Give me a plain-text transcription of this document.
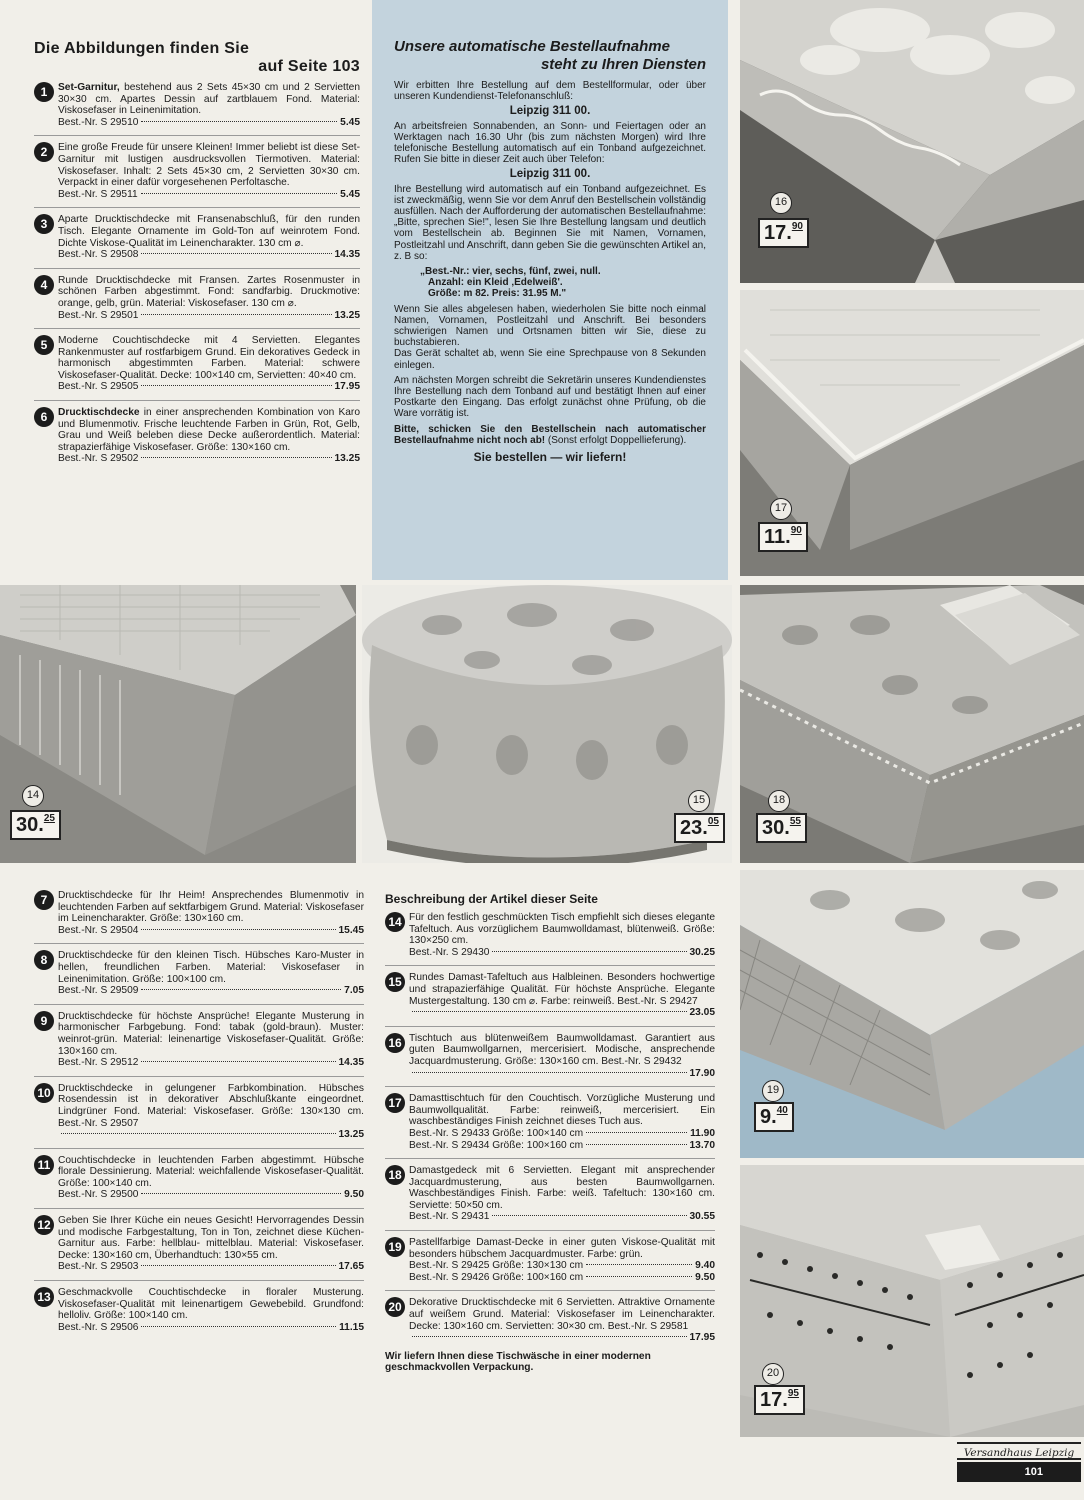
Die Abbildungen finden Sie
auf Seite 103
1	Set-Garnitur, bestehend aus 2 Sets 45×30 cm und 2 Servietten 30×30 cm. Apartes Dessin auf zartblauem Fond. Material: Viskosefaser in Leinenimitation.
Best.-Nr. S 29510	5.45
2	Eine große Freude für unsere Kleinen! Immer beliebt ist diese Set-Garnitur mit lustigen ausdrucksvollen Tiermotiven. Material: Viskosefaser. Inhalt: 2 Sets 45×30 cm, 2 Servietten 30×30 cm. Verpackt in einer dafür vorgesehenen Perfoltasche.
Best.-Nr. S 29511	5.45
3	Aparte Drucktischdecke mit Fransenabschluß, für den runden Tisch. Elegante Ornamente im Gold-Ton auf weinrotem Fond. Dichte Viskose-Qualität im Leinencharakter. 130 cm ⌀.
Best.-Nr. S 29508	14.35
4	Runde Drucktischdecke mit Fransen. Zartes Rosenmuster in schönen Farben abgestimmt. Fond: sandfarbig. Druckmotive: orange, gelb, grün. Material: Viskosefaser. 130 cm ⌀.
Best.-Nr. S 29501	13.25
5	Moderne Couchtischdecke mit 4 Servietten. Elegantes Rankenmuster auf rostfarbigem Grund. Ein dekoratives Gedeck in harmonisch abgestimmten Farben. Material: schwere Viskosefaser-Qualität. Decke: 100×140 cm, Servietten: 40×40 cm.
Best.-Nr. S 29505	17.95
6	Drucktischdecke in einer ansprechenden Kombination von Karo und Blumenmotiv. Frische leuchtende Farben in Grün, Rot, Gelb, Grau und Weiß beleben diese Decke außerordentlich. Material: strapazierfähige Viskosefaser. Größe: 130×160 cm.
Best.-Nr. S 29502	13.25
Unsere automatische Bestellaufnahme
steht zu Ihren Diensten

Wir erbitten Ihre Bestellung auf dem Bestellformular, oder über unseren Kundendienst-Telefonanschluß:

Leipzig 311 00.

An arbeitsfreien Sonnabenden, an Sonn- und Feiertagen oder an Werktagen nach 16.30 Uhr (bis zum nächsten Morgen) wird Ihre telefonische Bestellung automatisch auf ein Tonband aufgezeichnet. Rufen Sie bitte in dieser Zeit auch über Telefon:

Leipzig 311 00.

Ihre Bestellung wird automatisch auf ein Tonband aufgezeichnet. Es ist zweckmäßig, wenn Sie vor dem Anruf den Bestellschein vollständig ausfüllen. Nach der Aufforderung der automatischen Bestellaufnahme: „Bitte, sprechen Sie!", lesen Sie Ihre Bestellung langsam und deutlich vom Bestellschein ab. Beginnen Sie mit Namen, Vornamen, Postleitzahl und Anschrift, dann geben Sie die gewünschten Artikel an, z. B so:

„Best.-Nr.: vier, sechs, fünf, zwei, null.
Anzahl: ein Kleid ‚Edelweiß'.
Größe: m 82. Preis: 31.95 M."

Wenn Sie alles abgelesen haben, wiederholen Sie bitte noch einmal Namen, Vornamen, Postleitzahl und Anschrift. Bei besonders schwierigen Namen und Ortsnamen bitten wir Sie, diese zu buchstabieren.

Das Gerät schaltet ab, wenn Sie eine Sprechpause von 8 Sekunden einlegen.

Am nächsten Morgen schreibt die Sekretärin unseres Kundendienstes Ihre Bestellung nach dem Tonband auf und bestätigt Ihnen auf einer Postkarte den Eingang. Das erfolgt zunächst ohne Prüfung, ob die Ware vorrätig ist.

Bitte, schicken Sie den Bestellschein nach automatischer Bestellaufnahme nicht noch ab! (Sonst erfolgt Doppellieferung).

Sie bestellen — wir liefern!
16
17.90
17
11.90
14
30.25
15
23.05
18
30.55
19
9.40
20
17.95
7	Drucktischdecke für Ihr Heim! Ansprechendes Blumenmotiv in leuchtenden Farben auf sektfarbigem Grund. Material: Viskosefaser im Leinencharakter. Größe: 130×160 cm.
Best.-Nr. S 29504	15.45
8	Drucktischdecke für den kleinen Tisch. Hübsches Karo-Muster in hellen, freundlichen Farben. Material: Viskosefaser in Leinenimitation. Größe: 100×100 cm.
Best.-Nr. S 29509	7.05
9	Drucktischdecke für höchste Ansprüche! Elegante Musterung in harmonischer Farbgebung. Fond: tabak (gold-braun). Muster: weinrot-grün. Material: leinenartige Viskosefaser-Qualität. Größe: 130×160 cm.
Best.-Nr. S 29512	14.35
10 Drucktischdecke in gelungener Farbkombination. Hübsches Rosendessin ist in dekorativer Abschlußkante eingeordnet. Lindgrüner Fond. Material: Viskosefaser. Größe: 130×130 cm. Best.-Nr. S 29507
13.25
11 Couchtischdecke in leuchtenden Farben abgestimmt. Hübsche florale Dessinierung. Material: weichfallende Viskosefaser-Qualität. Größe: 100×140 cm.
Best.-Nr. S 29500	9.50
12 Geben Sie Ihrer Küche ein neues Gesicht! Hervorragendes Dessin und modische Farbgestaltung, Ton in Ton, zeichnet diese Küchen-Garnitur aus. Farbe: hellblau- mittelblau. Material: Viskosefaser. Decke: 130×160 cm, Überhandtuch: 130×55 cm.
Best.-Nr. S 29503	17.65
13 Geschmackvolle Couchtischdecke in floraler Musterung. Viskosefaser-Qualität mit leinenartigem Gewebebild. Grundfond: helloliv. Größe: 100×140 cm.
Best.-Nr. S 29506	11.15
Beschreibung der Artikel dieser Seite
14 Für den festlich geschmückten Tisch empfiehlt sich dieses elegante Tafeltuch. Aus vorzüglichem Baumwolldamast, blütenweiß. Größe: 130×250 cm.
Best.-Nr. S 29430	30.25
15 Rundes Damast-Tafeltuch aus Halbleinen. Besonders hochwertige und strapazierfähige Qualität. Für höchste Ansprüche. Elegante Mustergestaltung. 130 cm ⌀. Farbe: reinweiß. Best.-Nr. S 29427
23.05
16 Tischtuch aus blütenweißem Baumwolldamast. Garantiert aus guten Baumwollgarnen, mercerisiert. Modische, ansprechende Jacquardmusterung. Größe: 130×160 cm. Best.-Nr. S 29432
17.90
17 Damasttischtuch für den Couchtisch. Vorzügliche Musterung und Baumwollqualität. Farbe: reinweiß, mercerisiert. Ein waschbeständiges Finish zeichnet dieses Tuch aus.
Best.-Nr. S 29433 Größe: 100×140 cm	11.90
Best.-Nr. S 29434 Größe: 100×160 cm	13.70
18 Damastgedeck mit 6 Servietten. Elegant mit ansprechender Jacquardmusterung, aus besten Baumwollgarnen. Waschbeständiges Finish. Farbe: weiß. Tafeltuch: 130×160 cm. Serviette: 50×50 cm.
Best.-Nr. S 29431	30.55
19 Pastellfarbige Damast-Decke in einer guten Viskose-Qualität mit besonders hübschem Jacquardmuster. Farbe: grün.
Best.-Nr. S 29425 Größe: 130×130 cm	9.40
Best.-Nr. S 29426 Größe: 100×160 cm	9.50
20 Dekorative Drucktischdecke mit 6 Servietten. Attraktive Ornamente auf weißem Grund. Material: Viskosefaser im Leinencharakter. Decke: 130×160 cm. Servietten: 30×30 cm. Best.-Nr. S 29581
17.95
Wir liefern Ihnen diese Tischwäsche in einer modernen geschmackvollen Verpackung.
Versandhaus Leipzig
101
